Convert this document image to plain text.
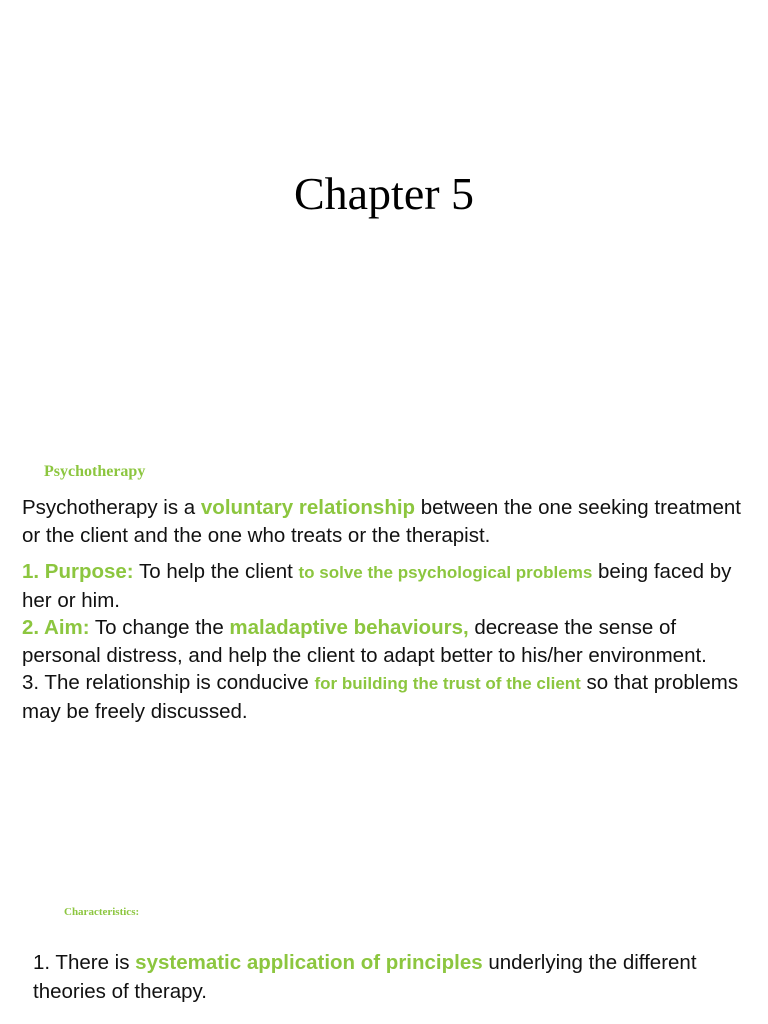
Chapter 5
Psychotherapy
Psychotherapy is a voluntary relationship between the one seeking treatment or the client and the one who treats or the therapist.
1. Purpose: To help the client to solve the psychological problems being faced by her or him.
2. Aim: To change the maladaptive behaviours, decrease the sense of personal distress, and help the client to adapt better to his/her environment.
3. The relationship is conducive for building the trust of the client so that problems may be freely discussed.
Characteristics:
1. There is systematic application of principles underlying the different theories of therapy.
